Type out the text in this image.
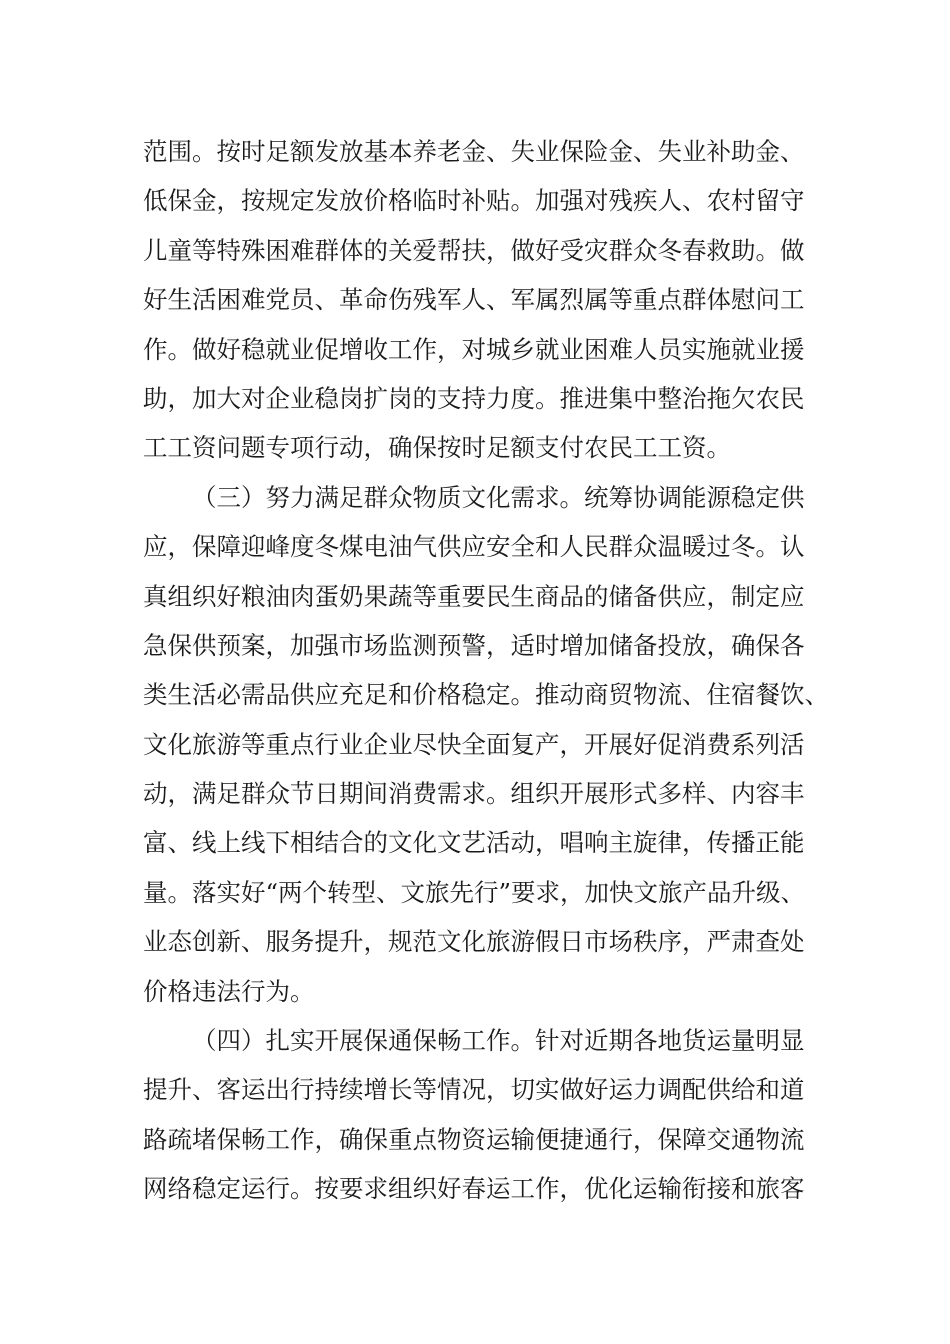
范围。按时足额发放基本养老金、失业保险金、失业补助金、
低保金，按规定发放价格临时补贴。加强对残疾人、农村留守
儿童等特殊困难群体的关爱帮扶，做好受灾群众冬春救助。做
好生活困难党员、革命伤残军人、军属烈属等重点群体慰问工
作。做好稳就业促增收工作，对城乡就业困难人员实施就业援
助，加大对企业稳岗扩岗的支持力度。推进集中整治拖欠农民
工工资问题专项行动，确保按时足额支付农民工工资。
（三）努力满足群众物质文化需求。统筹协调能源稳定供
应，保障迎峰度冬煤电油气供应安全和人民群众温暖过冬。认
真组织好粮油肉蛋奶果蔬等重要民生商品的储备供应，制定应
急保供预案，加强市场监测预警，适时增加储备投放，确保各
类生活必需品供应充足和价格稳定。推动商贸物流、住宿餐饮、
文化旅游等重点行业企业尽快全面复产，开展好促消费系列活
动，满足群众节日期间消费需求。组织开展形式多样、内容丰
富、线上线下相结合的文化文艺活动，唱响主旋律，传播正能
量。落实好“两个转型、文旅先行”要求，加快文旅产品升级、
业态创新、服务提升，规范文化旅游假日市场秩序，严肃查处
价格违法行为。
（四）扎实开展保通保畅工作。针对近期各地货运量明显
提升、客运出行持续增长等情况，切实做好运力调配供给和道
路疏堵保畅工作，确保重点物资运输便捷通行，保障交通物流
网络稳定运行。按要求组织好春运工作，优化运输衔接和旅客
